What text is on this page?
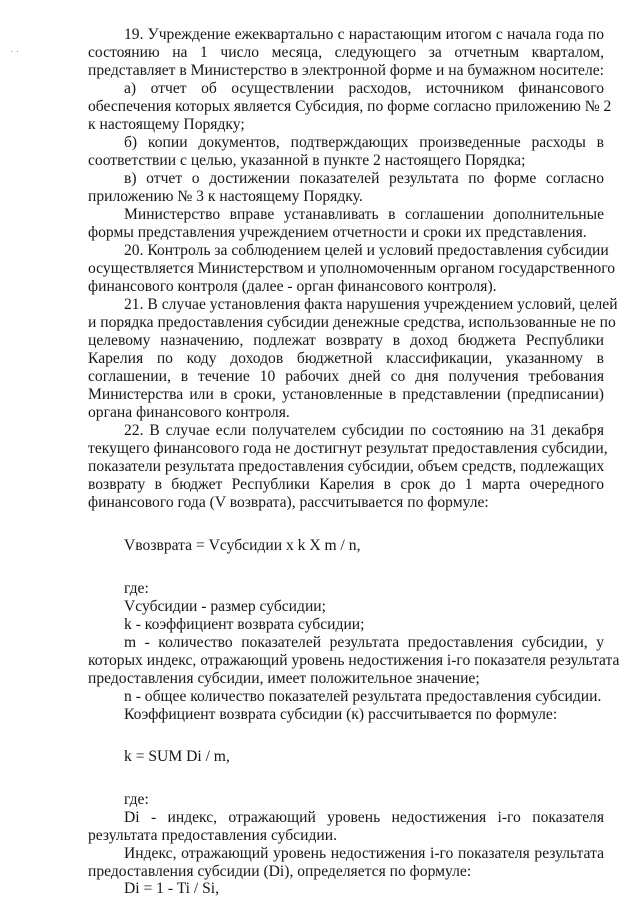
· ·
19. Учреждение ежеквартально с нарастающим итогом с начала года по
состоянию на 1 число месяца, следующего за отчетным кварталом,
представляет в Министерство в электронной форме и на бумажном носителе:
а) отчет об осуществлении расходов, источником финансового
обеспечения которых является Субсидия, по форме согласно приложению № 2
к настоящему Порядку;
б) копии документов, подтверждающих произведенные расходы в
соответствии с целью, указанной в пункте 2 настоящего Порядка;
в) отчет о достижении показателей результата по форме согласно
приложению № 3 к настоящему Порядку.
Министерство вправе устанавливать в соглашении дополнительные
формы представления учреждением отчетности и сроки их представления.
20. Контроль за соблюдением целей и условий предоставления субсидии
осуществляется Министерством и уполномоченным органом государственного
финансового контроля (далее - орган финансового контроля).
21. В случае установления факта нарушения учреждением условий, целей
и порядка предоставления субсидии денежные средства, использованные не по
целевому назначению, подлежат возврату в доход бюджета Республики
Карелия по коду доходов бюджетной классификации, указанному в
соглашении, в течение 10 рабочих дней со дня получения требования
Министерства или в сроки, установленные в представлении (предписании)
органа финансового контроля.
22. В случае если получателем субсидии по состоянию на 31 декабря
текущего финансового года не достигнут результат предоставления субсидии,
показатели результата предоставления субсидии, объем средств, подлежащих
возврату в бюджет Республики Карелия в срок до 1 марта очередного
финансового года (V возврата), рассчитывается по формуле:
Vвозврата = Vсубсидии x k X m / n,
где:
Vсубсидии - размер субсидии;
k - коэффициент возврата субсидии;
m - количество показателей результата предоставления субсидии, у
которых индекс, отражающий уровень недостижения i-го показателя результата
предоставления субсидии, имеет положительное значение;
n - общее количество показателей результата предоставления субсидии.
Коэффициент возврата субсидии (к) рассчитывается по формуле:
k = SUM Di / m,
где:
Di - индекс, отражающий уровень недостижения i-го показателя
результата предоставления субсидии.
Индекс, отражающий уровень недостижения i-го показателя результата
предоставления субсидии (Di), определяется по формуле:
Di = 1 - Ti / Si,
